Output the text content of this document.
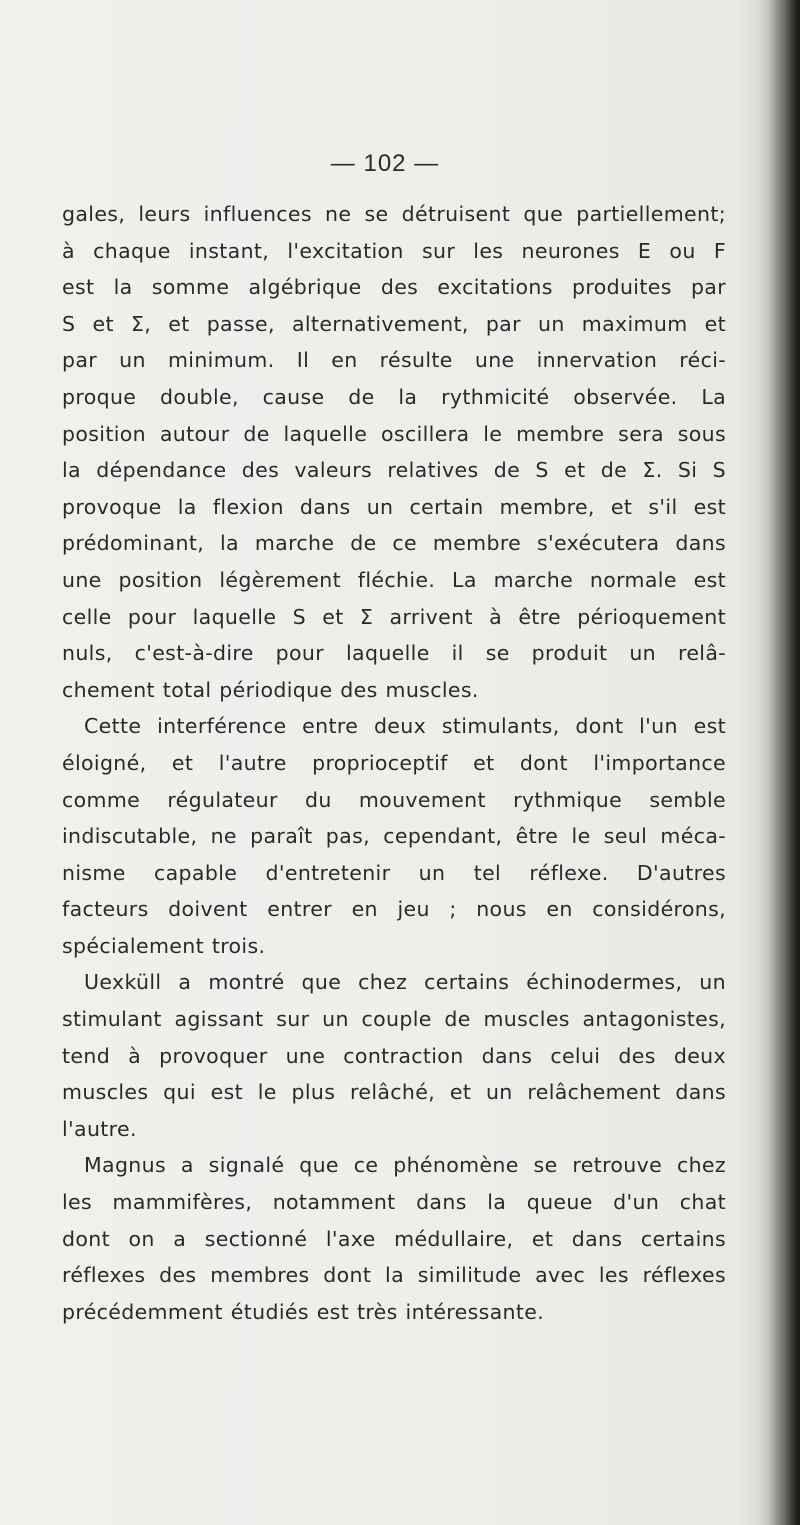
— 102 —
gales, leurs influences ne se détruisent que partiellement;
à chaque instant, l'excitation sur les neurones E ou F
est la somme algébrique des excitations produites par
S et Σ, et passe, alternativement, par un maximum et
par un minimum. Il en résulte une innervation réci-
proque double, cause de la rythmicité observée. La
position autour de laquelle oscillera le membre sera sous
la dépendance des valeurs relatives de S et de Σ. Si S
provoque la flexion dans un certain membre, et s'il est
prédominant, la marche de ce membre s'exécutera dans
une position légèrement fléchie. La marche normale est
celle pour laquelle S et Σ arrivent à être périoquement
nuls, c'est-à-dire pour laquelle il se produit un relâ-
chement total périodique des muscles.
Cette interférence entre deux stimulants, dont l'un est
éloigné, et l'autre proprioceptif et dont l'importance
comme régulateur du mouvement rythmique semble
indiscutable, ne paraît pas, cependant, être le seul méca-
nisme capable d'entretenir un tel réflexe. D'autres
facteurs doivent entrer en jeu ; nous en considérons,
spécialement trois.
Uexküll a montré que chez certains échinodermes, un
stimulant agissant sur un couple de muscles antagonistes,
tend à provoquer une contraction dans celui des deux
muscles qui est le plus relâché, et un relâchement dans
l'autre.
Magnus a signalé que ce phénomène se retrouve chez
les mammifères, notamment dans la queue d'un chat
dont on a sectionné l'axe médullaire, et dans certains
réflexes des membres dont la similitude avec les réflexes
précédemment étudiés est très intéressante.
